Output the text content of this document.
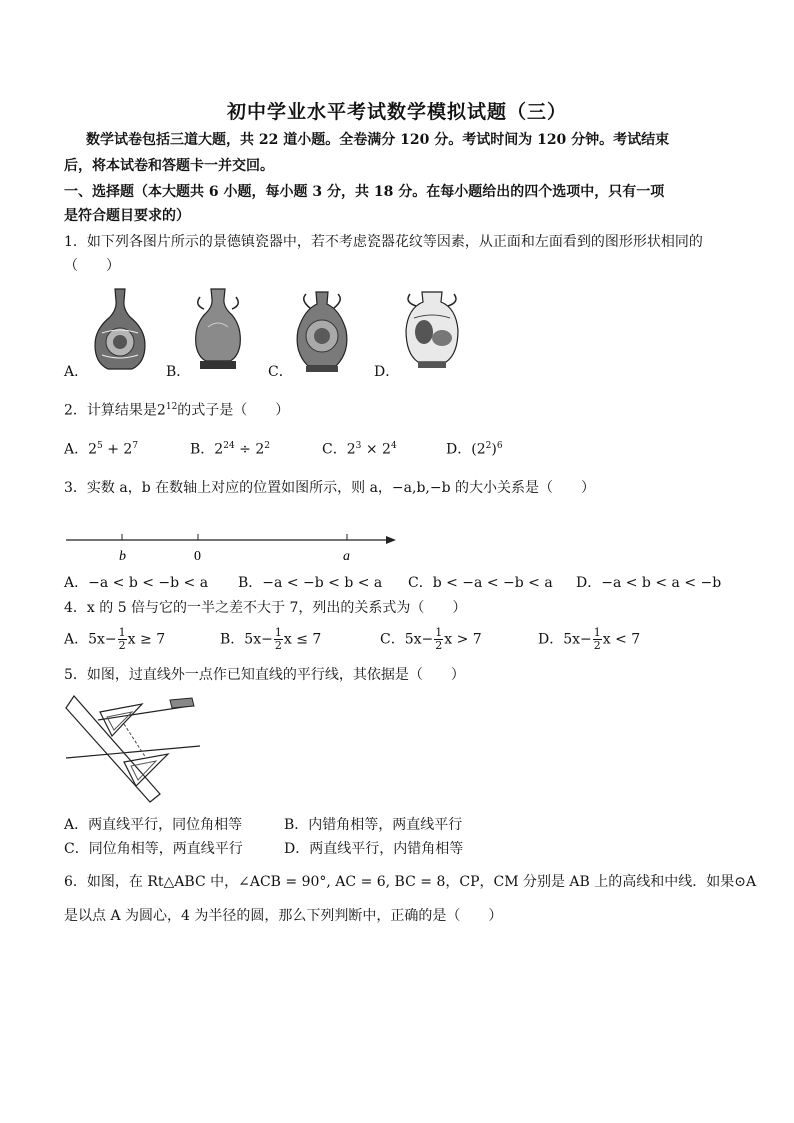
初中学业水平考试数学模拟试题（三）
数学试卷包括三道大题，共 22 道小题。全卷满分 120 分。考试时间为 120 分钟。考试结束
后，将本试卷和答题卡一并交回。
一、选择题（本大题共 6 小题，每小题 3 分，共 18 分。在每小题给出的四个选项中，只有一项
是符合题目要求的）
1．如下列各图片所示的景德镇瓷器中，若不考虑瓷器花纹等因素，从正面和左面看到的图形形状相同的
（　　）
A．	B．	C．	D．
2．计算结果是$2^{12}$的式子是（　　）
A．$2^5 + 2^7$	B．$2^{24} \div 2^2$	C．$2^3 \times 2^4$	D．$(2^2)^6$
3．实数 a，b 在数轴上对应的位置如图所示，则 a，−a,b,−b 的大小关系是（　　）
b	0	a
A．−a < b < −b < a B．−a < −b < b < a C．b < −a < −b < a D．−a < b < a < −b
4．x 的 5 倍与它的一半之差不大于 7，列出的关系式为（　　）
A．$5x- \frac{1}{2}$ x ≥ 7	B．$5x- \frac{1}{2}$ x ≤ 7	C．$5x- \frac{1}{2}$ x > 7	D．$5x- \frac{1}{2}$ x < 7
5．如图，过直线外一点作已知直线的平行线，其依据是（　　）
A．两直线平行，同位角相等	B．内错角相等，两直线平行
C．同位角相等，两直线平行	D．两直线平行，内错角相等
6．如图，在 Rt△ABC 中，∠ACB = 90°, AC = 6, BC = 8，CP，CM 分别是 AB 上的高线和中线．如果⊙A
是以点 A 为圆心，4 为半径的圆，那么下列判断中，正确的是（　　）
